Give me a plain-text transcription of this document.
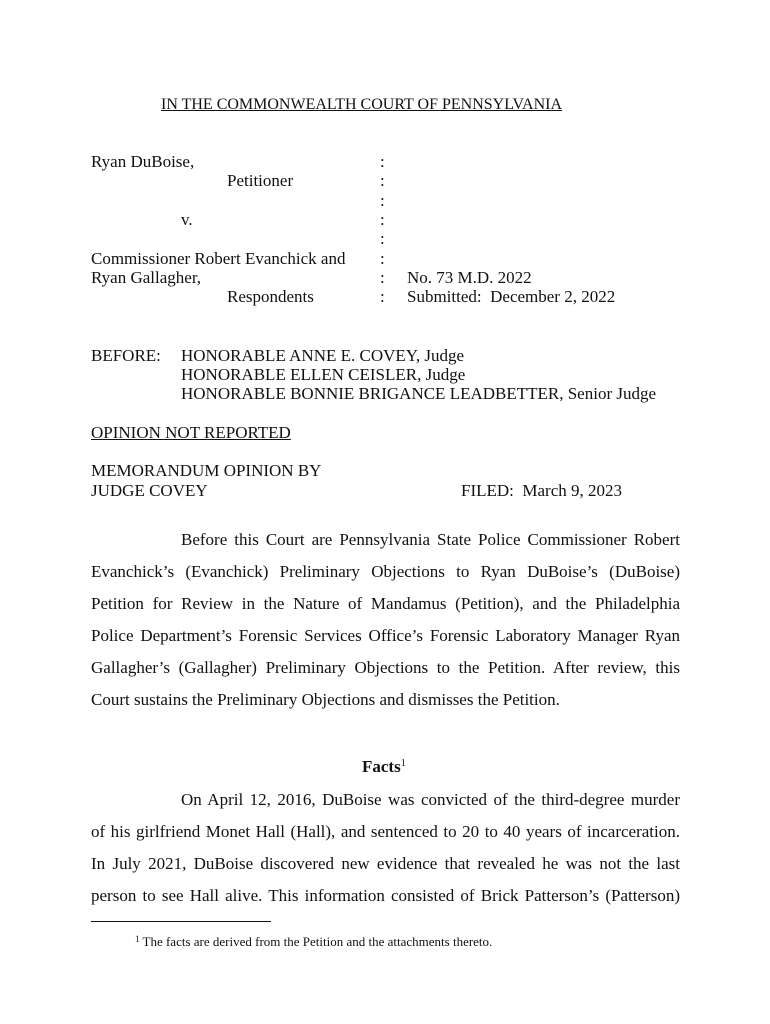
IN THE COMMONWEALTH COURT OF PENNSYLVANIA
Ryan DuBoise,
Petitioner
v.
Commissioner Robert Evanchick and
Ryan Gallagher,
Respondents
:
:
:
:
:
:
:
:
No. 73 M.D. 2022
Submitted:  December 2, 2022
BEFORE: HONORABLE ANNE E. COVEY, Judge
HONORABLE ELLEN CEISLER, Judge
HONORABLE BONNIE BRIGANCE LEADBETTER, Senior Judge
OPINION NOT REPORTED
MEMORANDUM OPINION BY
JUDGE COVEY	FILED:  March 9, 2023
Before this Court are Pennsylvania State Police Commissioner Robert
Evanchick’s (Evanchick) Preliminary Objections to Ryan DuBoise’s (DuBoise)
Petition for Review in the Nature of Mandamus (Petition), and the Philadelphia
Police Department’s Forensic Services Office’s Forensic Laboratory Manager Ryan
Gallagher’s (Gallagher) Preliminary Objections to the Petition. After review, this
Court sustains the Preliminary Objections and dismisses the Petition.
Facts$^1$
On April 12, 2016, DuBoise was convicted of the third-degree murder
of his girlfriend Monet Hall (Hall), and sentenced to 20 to 40 years of incarceration.
In July 2021, DuBoise discovered new evidence that revealed he was not the last
person to see Hall alive. This information consisted of Brick Patterson’s (Patterson)
$^1$ The facts are derived from the Petition and the attachments thereto.
